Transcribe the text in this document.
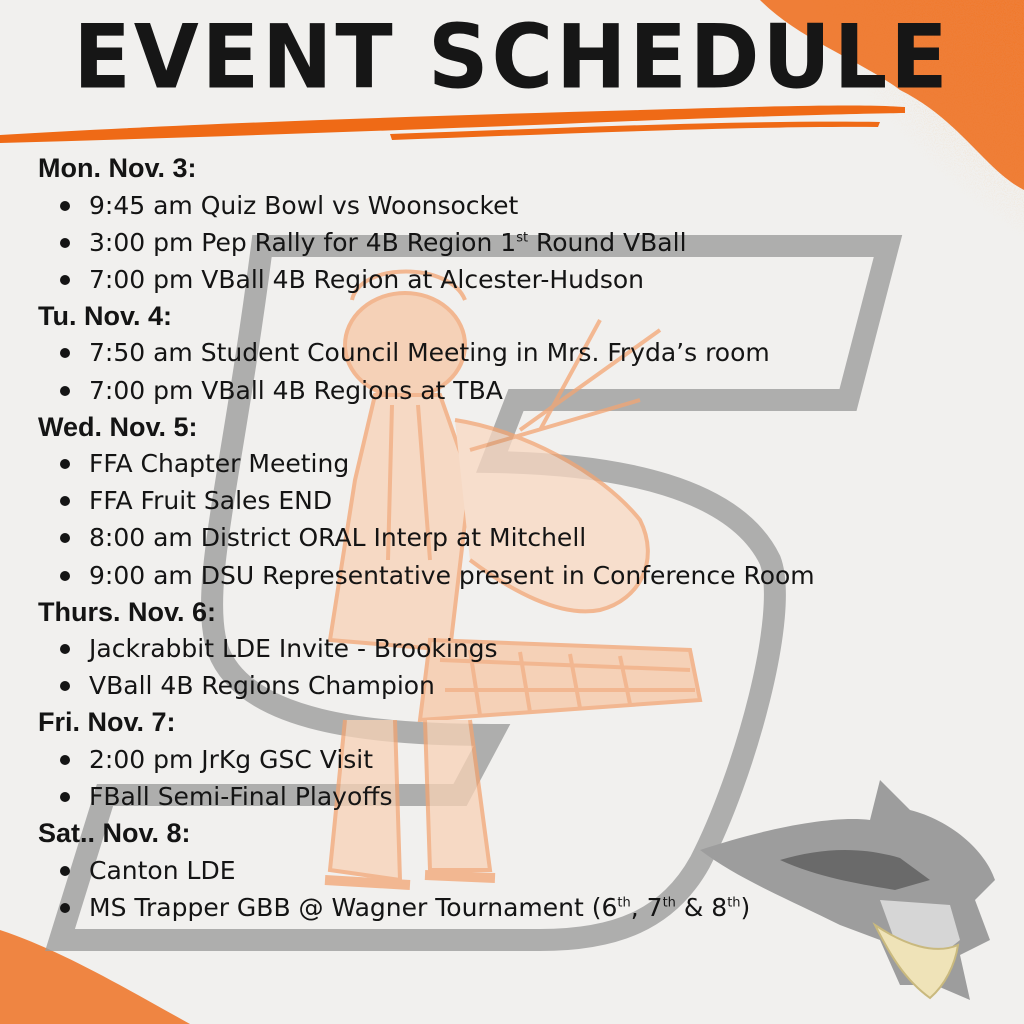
EVENT SCHEDULE
Mon. Nov. 3:
9:45 am Quiz Bowl vs Woonsocket
3:00 pm Pep Rally for 4B Region 1st Round VBall
7:00 pm VBall 4B Region at Alcester-Hudson
Tu. Nov. 4:
7:50 am Student Council Meeting in Mrs. Fryda’s room
7:00 pm VBall 4B Regions at TBA
Wed. Nov. 5:
FFA Chapter Meeting
FFA Fruit Sales END
8:00 am District ORAL Interp at Mitchell
9:00 am DSU Representative present in Conference Room
Thurs. Nov. 6:
Jackrabbit LDE Invite - Brookings
VBall 4B Regions Champion
Fri. Nov. 7:
2:00 pm JrKg GSC Visit
FBall Semi-Final Playoffs
Sat.. Nov. 8:
Canton LDE
MS Trapper GBB @ Wagner Tournament (6th, 7th & 8th)
